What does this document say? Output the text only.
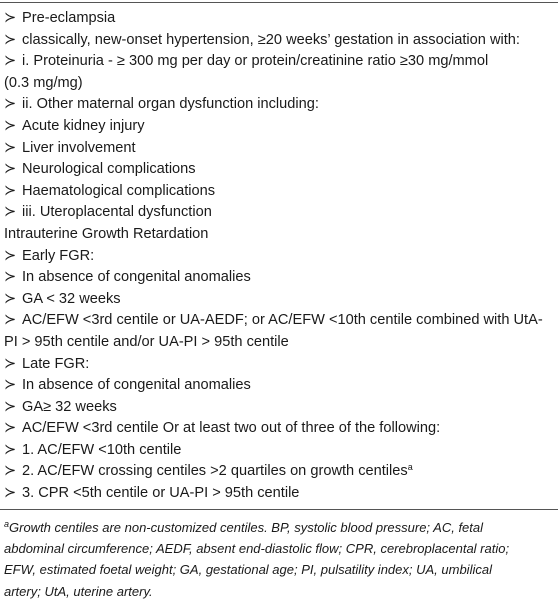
≻ Pre-eclampsia
≻ classically, new-onset hypertension, ≥20 weeks’ gestation in association with:
≻ i. Proteinuria - ≥ 300 mg per day or protein/creatinine ratio ≥30 mg/mmol
(0.3 mg/mg)
≻ ii. Other maternal organ dysfunction including:
≻ Acute kidney injury
≻ Liver involvement
≻ Neurological complications
≻ Haematological complications
≻ iii. Uteroplacental dysfunction
Intrauterine Growth Retardation
≻ Early FGR:
≻ In absence of congenital anomalies
≻ GA < 32 weeks
≻ AC/EFW <3rd centile or UA-AEDF; or AC/EFW <10th centile combined with UtA-
PI > 95th centile and/or UA-PI > 95th centile
≻ Late FGR:
≻ In absence of congenital anomalies
≻ GA≥ 32 weeks
≻ AC/EFW <3rd centile Or at least two out of three of the following:
≻ 1. AC/EFW <10th centile
≻ 2. AC/EFW crossing centiles >2 quartiles on growth centiles$^a$
≻ 3. CPR <5th centile or UA-PI > 95th centile
$^a$Growth centiles are non-customized centiles. BP, systolic blood pressure; AC, fetal
abdominal circumference; AEDF, absent end-diastolic flow; CPR, cerebroplacental ratio;
EFW, estimated foetal weight; GA, gestational age; PI, pulsatility index; UA, umbilical
artery; UtA, uterine artery.
